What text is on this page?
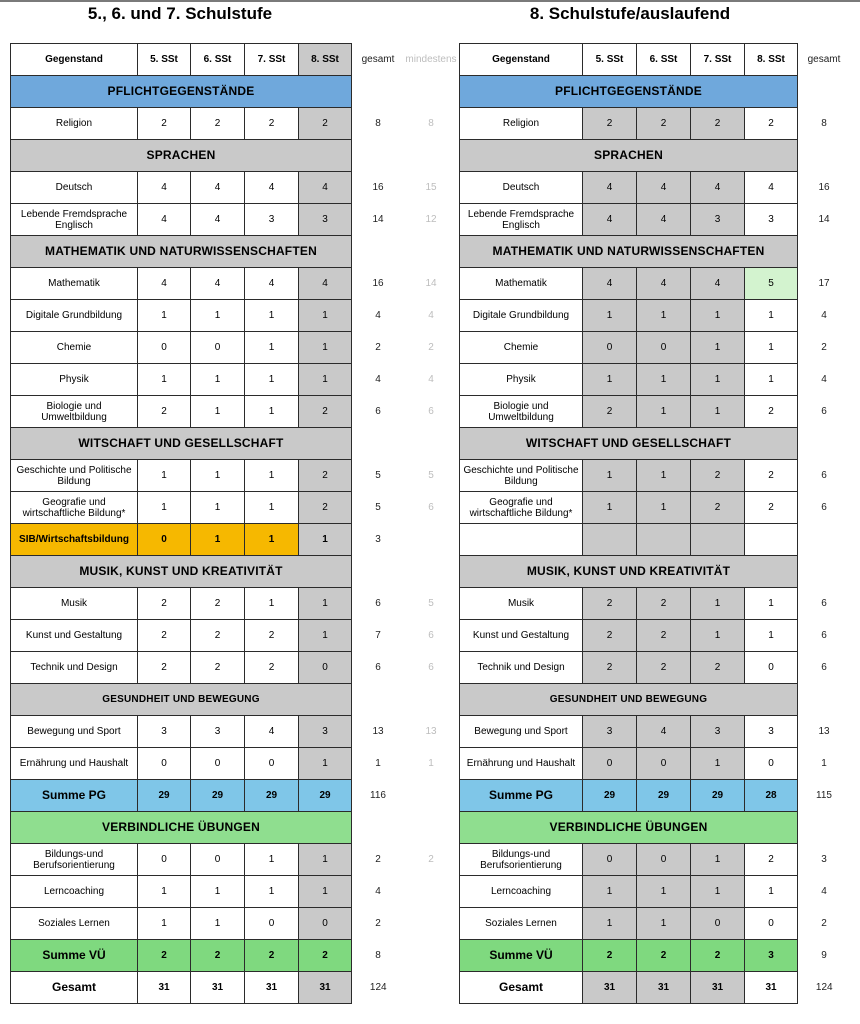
5., 6. und 7. Schulstufe	8. Schulstufe/auslaufend
Gegenstand	5. SSt	6. SSt	7. SSt	8. SSt	gesamt	mindestens
PFLICHTGEGENSTÄNDE						
Religion	2	2	2	2	8	8
SPRACHEN						
Deutsch	4	4	4	4	16	15
Lebende Fremdsprache
Englisch	4	4	3	3	14	12
MATHEMATIK UND NATURWISSENSCHAFTEN						
Mathematik	4	4	4	4	16	14
Digitale Grundbildung	1	1	1	1	4	4
Chemie	0	0	1	1	2	2
Physik	1	1	1	1	4	4
Biologie und
Umweltbildung	2	1	1	2	6	6
WITSCHAFT UND GESELLSCHAFT						
Geschichte und Politische
Bildung	1	1	1	2	5	5
Geografie und
wirtschaftliche Bildung*	1	1	1	2	5	6
SIB/Wirtschaftsbildung	0	1	1	1	3	
MUSIK, KUNST UND KREATIVITÄT						
Musik	2	2	1	1	6	5
Kunst und Gestaltung	2	2	2	1	7	6
Technik und Design	2	2	2	0	6	6
GESUNDHEIT UND BEWEGUNG						
Bewegung und Sport	3	3	4	3	13	13
Ernährung und Haushalt	0	0	0	1	1	1
Summe PG	29	29	29	29	116	
VERBINDLICHE ÜBUNGEN						
Bildungs-und
Berufsorientierung	0	0	1	1	2	2
Lerncoaching	1	1	1	1	4	
Soziales Lernen	1	1	0	0	2	
Summe VÜ	2	2	2	2	8	
Gesamt	31	31	31	31	124	
Gegenstand	5. SSt	6. SSt	7. SSt	8. SSt	gesamt
PFLICHTGEGENSTÄNDE					
Religion	2	2	2	2	8
SPRACHEN					
Deutsch	4	4	4	4	16
Lebende Fremdsprache
Englisch	4	4	3	3	14
MATHEMATIK UND NATURWISSENSCHAFTEN					
Mathematik	4	4	4	5	17
Digitale Grundbildung	1	1	1	1	4
Chemie	0	0	1	1	2
Physik	1	1	1	1	4
Biologie und
Umweltbildung	2	1	1	2	6
WITSCHAFT UND GESELLSCHAFT					
Geschichte und Politische
Bildung	1	1	2	2	6
Geografie und
wirtschaftliche Bildung*	1	1	2	2	6

MUSIK, KUNST UND KREATIVITÄT					
Musik	2	2	1	1	6
Kunst und Gestaltung	2	2	1	1	6
Technik und Design	2	2	2	0	6
GESUNDHEIT UND BEWEGUNG					
Bewegung und Sport	3	4	3	3	13
Ernährung und Haushalt	0	0	1	0	1
Summe PG	29	29	29	28	115
VERBINDLICHE ÜBUNGEN					
Bildungs-und
Berufsorientierung	0	0	1	2	3
Lerncoaching	1	1	1	1	4
Soziales Lernen	1	1	0	0	2
Summe VÜ	2	2	2	3	9
Gesamt	31	31	31	31	124
